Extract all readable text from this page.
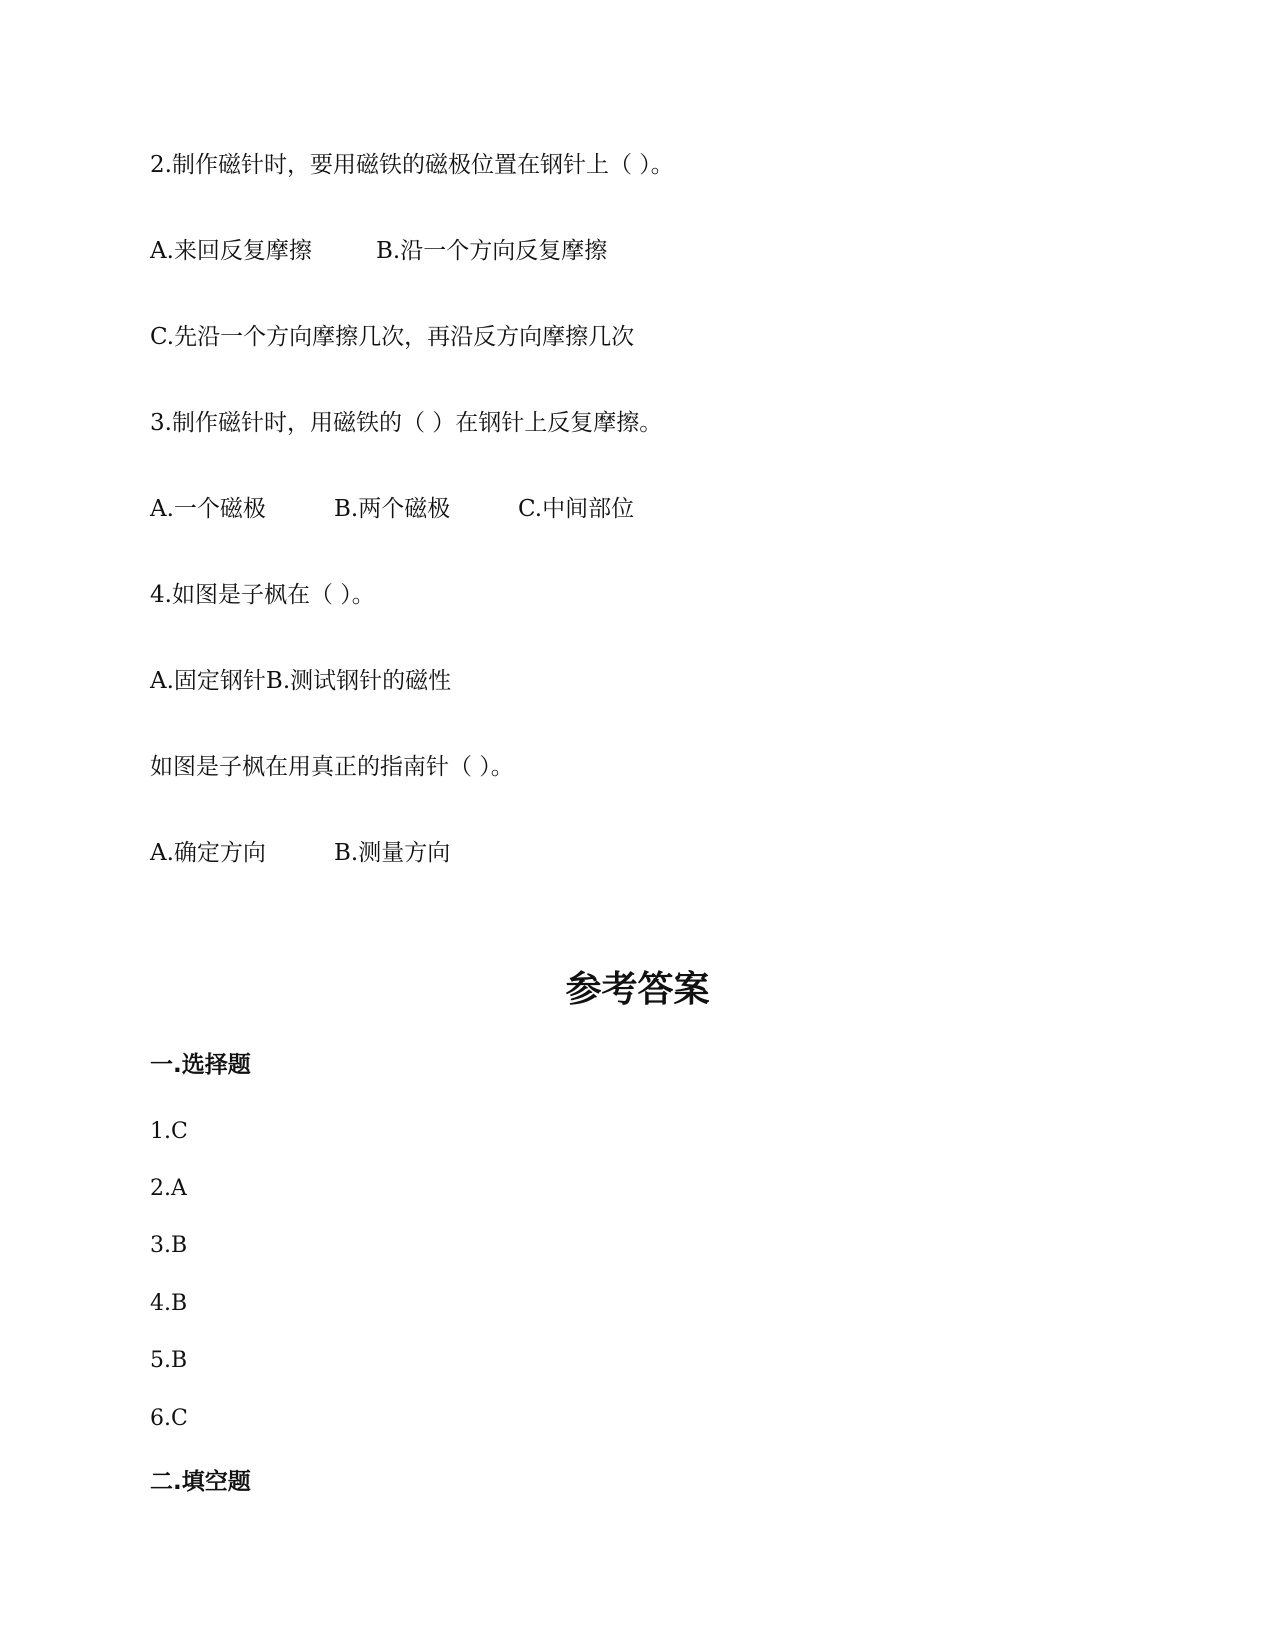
2.制作磁针时，要用磁铁的磁极位置在钢针上（ ）。
A.来回反复摩擦	B.沿一个方向反复摩擦
C.先沿一个方向摩擦几次，再沿反方向摩擦几次
3.制作磁针时，用磁铁的（ ）在钢针上反复摩擦。
A.一个磁极	B.两个磁极	C.中间部位
4.如图是子枫在（ ）。
A.固定钢针B.测试钢针的磁性
如图是子枫在用真正的指南针（ ）。
A.确定方向	B.测量方向
参考答案
一.选择题
1.C
2.A
3.B
4.B
5.B
6.C
二.填空题
